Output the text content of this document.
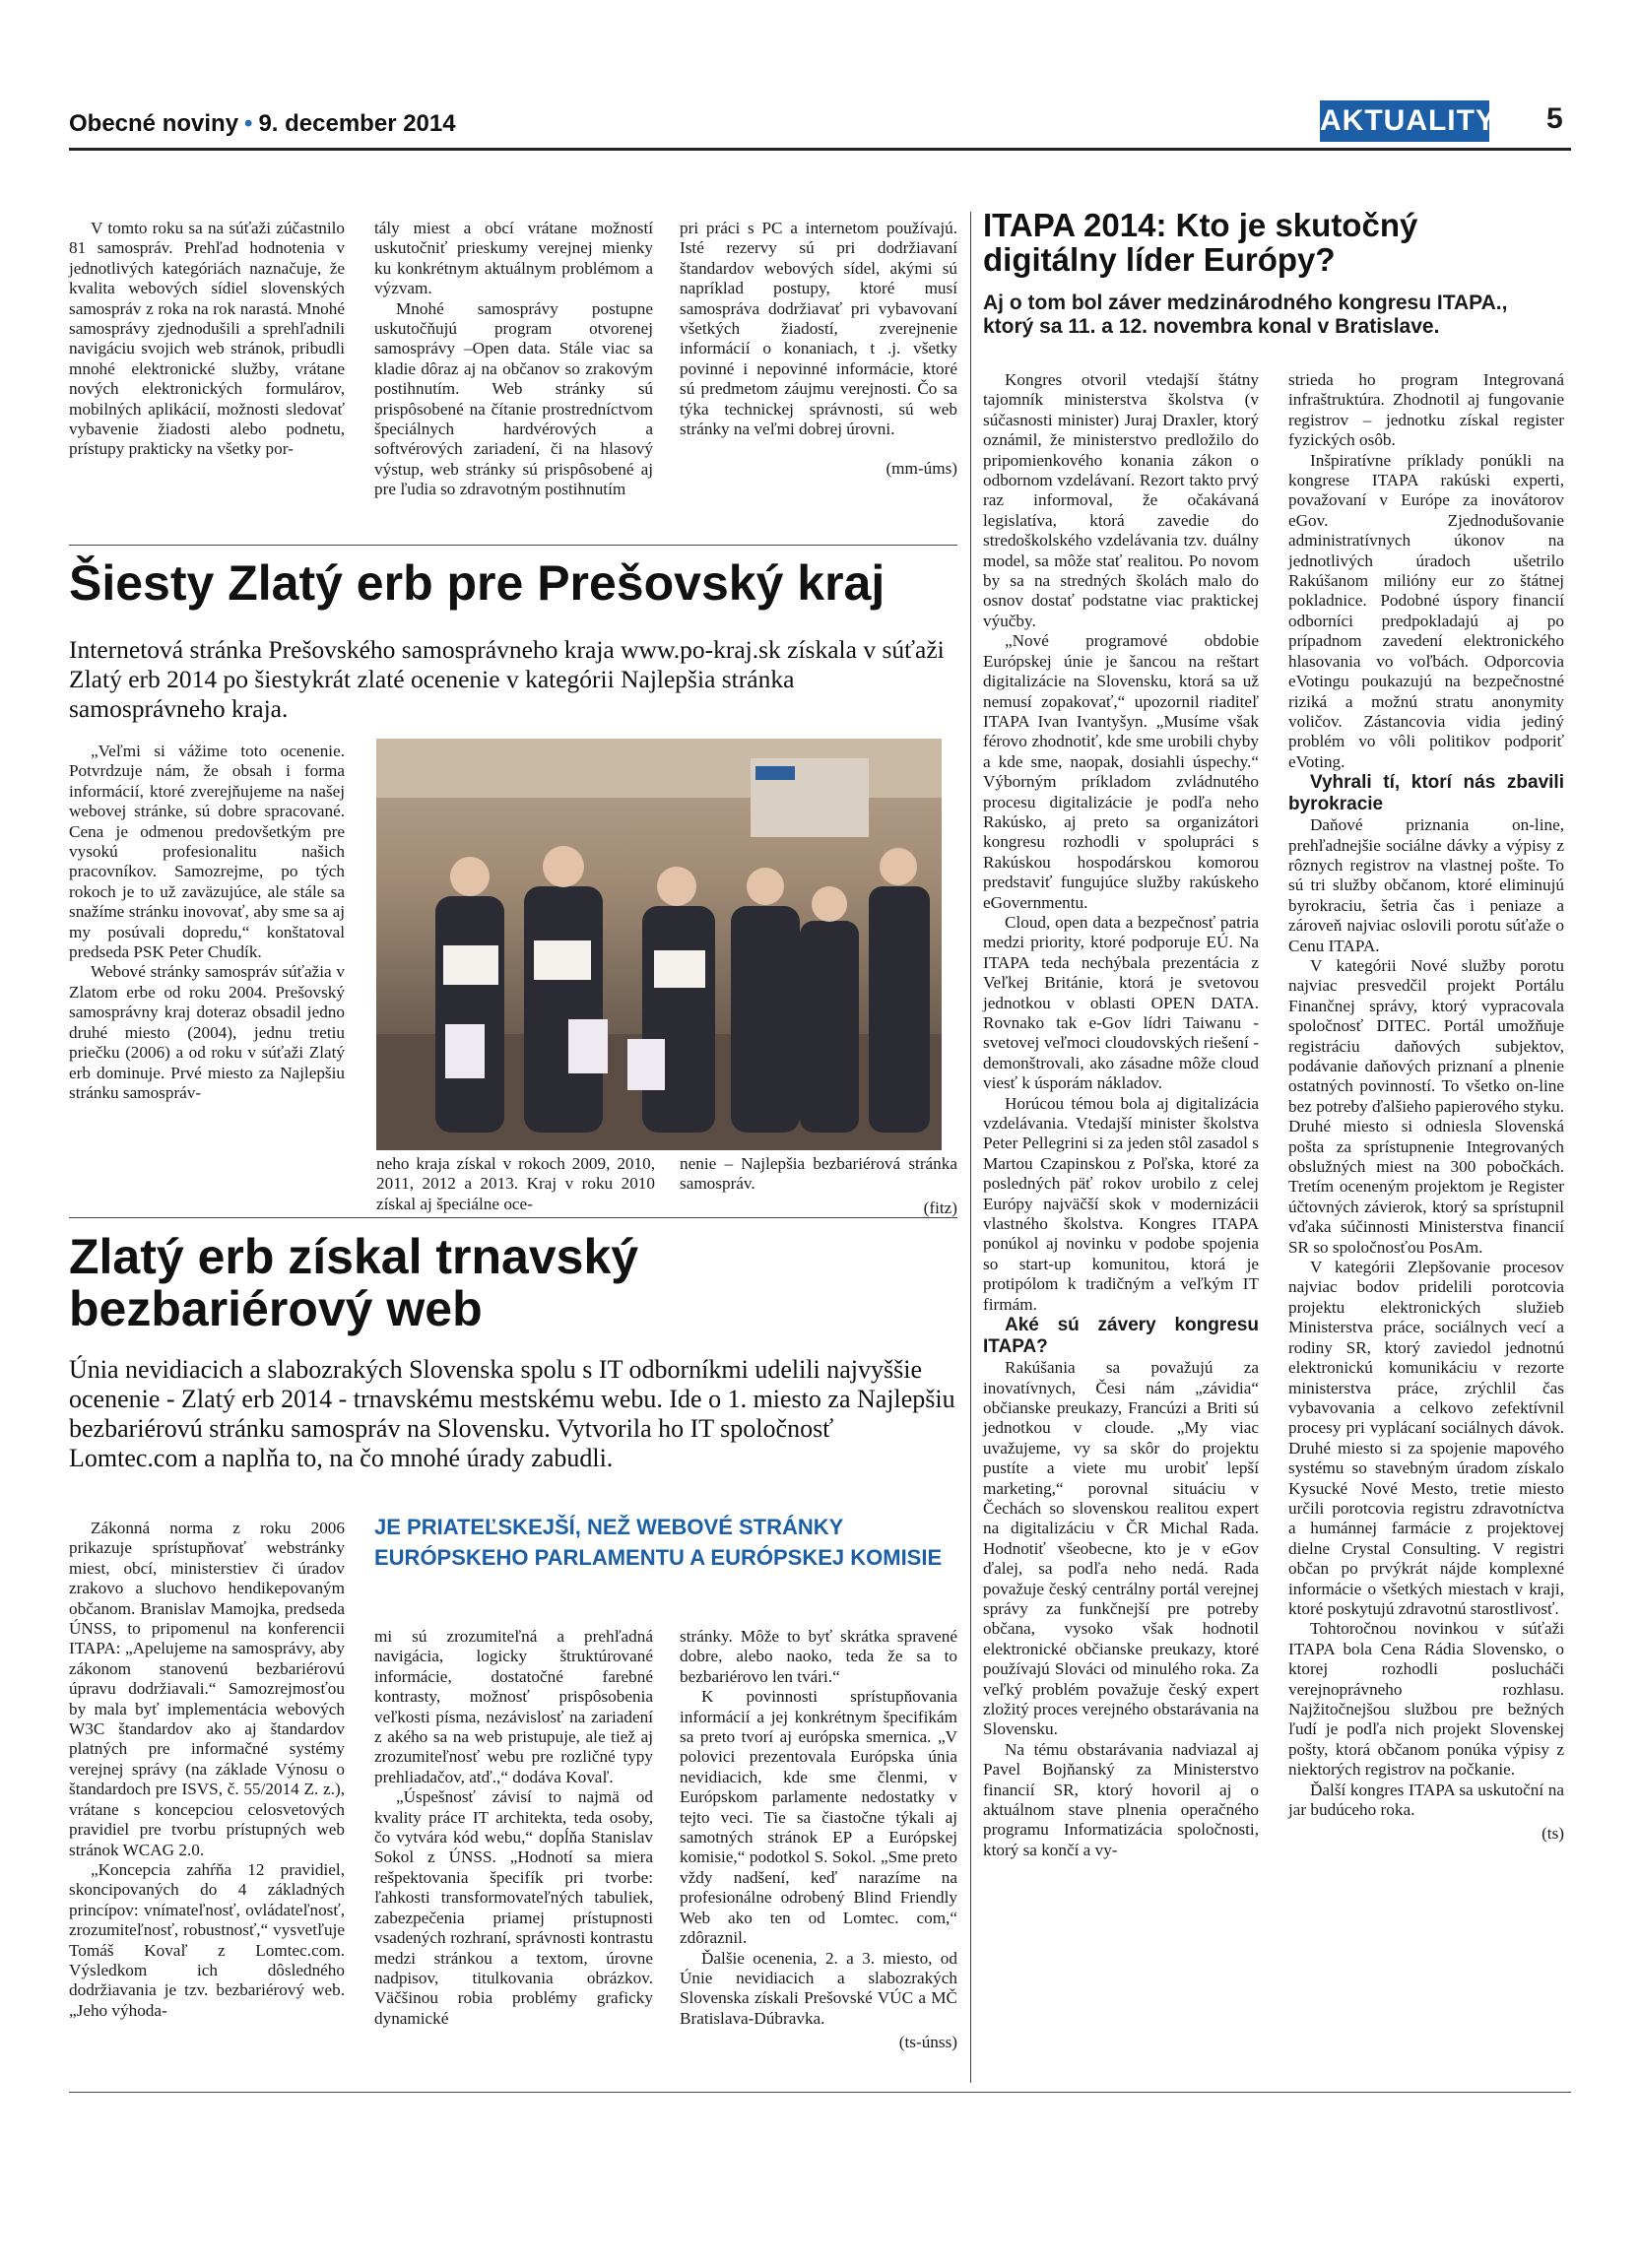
Obecné noviny • 9. december 2014	AKTUALITY 5

V tomto roku sa na súťaži zúčastnilo 81 samospráv. Prehľad hodnotenia v jednotlivých kategóriách naznačuje, že kvalita webových sídiel slovenských samospráv z roka na rok narastá. Mnohé samosprávy zjednodušili a sprehľadnili navigáciu svojich web stránok, pribudli mnohé elektronické služby, vrátane nových elektronických formulárov, mobilných aplikácií, možnosti sledovať vybavenie žiadosti alebo podnetu, prístupy prakticky na všetky por-

tály miest a obcí vrátane možností uskutočniť prieskumy verejnej mienky ku konkrétnym aktuálnym problémom a výzvam.

Mnohé samosprávy postupne uskutočňujú program otvorenej samosprávy –Open data. Stále viac sa kladie dôraz aj na občanov so zrakovým postihnutím. Web stránky sú prispôsobené na čítanie prostredníctvom špeciálnych hardvérových a softvérových zariadení, či na hlasový výstup, web stránky sú prispôsobené aj pre ľudia so zdravotným postihnutím

pri práci s PC a internetom používajú. Isté rezervy sú pri dodržiavaní štandardov webových sídel, akými sú napríklad postupy, ktoré musí samospráva dodržiavať pri vybavovaní všetkých žiadostí, zverejnenie informácií o konaniach, t .j. všetky povinné i nepovinné informácie, ktoré sú predmetom záujmu verejnosti. Čo sa týka technickej správnosti, sú web stránky na veľmi dobrej úrovni.

(mm-úms)

Šiesty Zlatý erb pre Prešovský kraj
Internetová stránka Prešovského samosprávneho kraja www.po-kraj.sk získala v súťaži Zlatý erb 2014 po šiestykrát zlaté ocenenie v kategórii Najlepšia stránka samosprávneho kraja.

„Veľmi si vážime toto ocenenie. Potvrdzuje nám, že obsah i forma informácií, ktoré zverejňujeme na našej webovej stránke, sú dobre spracované. Cena je odmenou predovšetkým pre vysokú profesionalitu našich pracovníkov. Samozrejme, po tých rokoch je to už zaväzujúce, ale stále sa snažíme stránku inovovať, aby sme sa aj my posúvali dopredu,“ konštatoval predseda PSK Peter Chudík.

Webové stránky samospráv súťažia v Zlatom erbe od roku 2004. Prešovský samosprávny kraj doteraz obsadil jedno druhé miesto (2004), jednu tretiu priečku (2006) a od roku v súťaži Zlatý erb dominuje. Prvé miesto za Najlepšiu stránku samospráv-

neho kraja získal v rokoch 2009, 2010, 2011, 2012 a 2013. Kraj v roku 2010 získal aj špeciálne oce-

nenie – Najlepšia bezbariérová stránka samospráv.

(fitz)

Zlatý erb získal trnavský bezbariérový web
Únia nevidiacich a slabozrakých Slovenska spolu s IT odborníkmi udelili najvyššie ocenenie - Zlatý erb 2014 - trnavskému mestskému webu. Ide o 1. miesto za Najlepšiu bezbariérovú stránku samospráv na Slovensku. Vytvorila ho IT spoločnosť Lomtec.com a naplňa to, na čo mnohé úrady zabudli.

Zákonná norma z roku 2006 prikazuje sprístupňovať webstránky miest, obcí, ministerstiev či úradov zrakovo a sluchovo hendikepovaným občanom. Branislav Mamojka, predseda ÚNSS, to pripomenul na konferencii ITAPA: „Apelujeme na samosprávy, aby zákonom stanovenú bezbariérovú úpravu dodržiavali.“ Samozrejmosťou by mala byť implementácia webových W3C štandardov ako aj štandardov platných pre informačné systémy verejnej správy (na základe Výnosu o štandardoch pre ISVS, č. 55/2014 Z. z.), vrátane s koncepciou celosvetových pravidiel pre tvorbu prístupných web stránok WCAG 2.0.

„Koncepcia zahŕňa 12 pravidiel, skoncipovaných do 4 základných princípov: vnímateľnosť, ovládateľnosť, zrozumiteľnosť, robustnosť,“ vysvetľuje Tomáš Kovaľ z Lomtec.com. Výsledkom ich dôsledného dodržiavania je tzv. bezbariérový web. „Jeho výhoda-

JE PRIATEĽSKEJŠÍ, NEŽ WEBOVÉ STRÁNKY EURÓPSKEHO PARLAMENTU A EURÓPSKEJ KOMISIE

mi sú zrozumiteľná a prehľadná navigácia, logicky štruktúrované informácie, dostatočné farebné kontrasty, možnosť prispôsobenia veľkosti písma, nezávislosť na zariadení z akého sa na web pristupuje, ale tiež aj zrozumiteľnosť webu pre rozličné typy prehliadačov, atď.,“ dodáva Kovaľ.

„Úspešnosť závisí to najmä od kvality práce IT architekta, teda osoby, čo vytvára kód webu,“ dopĺňa Stanislav Sokol z ÚNSS. „Hodnotí sa miera rešpektovania špecifík pri tvorbe: ľahkosti transformovateľných tabuliek, zabezpečenia priamej prístupnosti vsadených rozhraní, správnosti kontrastu medzi stránkou a textom, úrovne nadpisov, titulkovania obrázkov. Väčšinou robia problémy graficky dynamické

stránky. Môže to byť skrátka spravené dobre, alebo naoko, teda že sa to bezbariérovo len tvári.“

K povinnosti sprístupňovania informácií a jej konkrétnym špecifikám sa preto tvorí aj európska smernica. „V polovici prezentovala Európska únia nevidiacich, kde sme členmi, v Európskom parlamente nedostatky v tejto veci. Tie sa čiastočne týkali aj samotných stránok EP a Európskej komisie,“ podotkol S. Sokol. „Sme preto vždy nadšení, keď narazíme na profesionálne odrobený Blind Friendly Web ako ten od Lomtec. com,“ zdôraznil.

Ďalšie ocenenia, 2. a 3. miesto, od Únie nevidiacich a slabozrakých Slovenska získali Prešovské VÚC a MČ Bratislava-Dúbravka.

(ts-únss)

ITAPA 2014: Kto je skutočný digitálny líder Európy?
Aj o tom bol záver medzinárodného kongresu ITAPA., ktorý sa 11. a 12. novembra konal v Bratislave.

Kongres otvoril vtedajší štátny tajomník ministerstva školstva (v súčasnosti minister) Juraj Draxler, ktorý oznámil, že ministerstvo predložilo do pripomienkového konania zákon o odbornom vzdelávaní. Rezort takto prvý raz informoval, že očakávaná legislatíva, ktorá zavedie do stredoškolského vzdelávania tzv. duálny model, sa môže stať realitou. Po novom by sa na stredných školách malo do osnov dostať podstatne viac praktickej výučby.

„Nové programové obdobie Európskej únie je šancou na reštart digitalizácie na Slovensku, ktorá sa už nemusí zopakovať,“ upozornil riaditeľ ITAPA Ivan Ivantyšyn. „Musíme však férovo zhodnotiť, kde sme urobili chyby a kde sme, naopak, dosiahli úspechy.“ Výborným príkladom zvládnutého procesu digitalizácie je podľa neho Rakúsko, aj preto sa organizátori kongresu rozhodli v spolupráci s Rakúskou hospodárskou komorou predstaviť fungujúce služby rakúskeho eGovernmentu.

Cloud, open data a bezpečnosť patria medzi priority, ktoré podporuje EÚ. Na ITAPA teda nechýbala prezentácia z Veľkej Británie, ktorá je svetovou jednotkou v oblasti OPEN DATA. Rovnako tak e-Gov lídri Taiwanu - svetovej veľmoci cloudovských riešení - demonštrovali, ako zásadne môže cloud viesť k úsporám nákladov.

Horúcou témou bola aj digitalizácia vzdelávania. Vtedajší minister školstva Peter Pellegrini si za jeden stôl zasadol s Martou Czapinskou z Poľska, ktoré za posledných päť rokov urobilo z celej Európy najväčší skok v modernizácii vlastného školstva. Kongres ITAPA ponúkol aj novinku v podobe spojenia so start-up komunitou, ktorá je protipólom k tradičným a veľkým IT firmám.

Aké sú závery kongresu ITAPA?

Rakúšania sa považujú za inovatívnych, Česi nám „závidia“ občianske preukazy, Francúzi a Briti sú jednotkou v cloude. „My viac uvažujeme, vy sa skôr do projektu pustíte a viete mu urobiť lepší marketing,“ porovnal situáciu v Čechách so slovenskou realitou expert na digitalizáciu v ČR Michal Rada. Hodnotiť všeobecne, kto je v eGov ďalej, sa podľa neho nedá. Rada považuje český centrálny portál verejnej správy za funkčnejší pre potreby občana, vysoko však hodnotil elektronické občianske preukazy, ktoré používajú Slováci od minulého roka. Za veľký problém považuje český expert zložitý proces verejného obstarávania na Slovensku.

Na tému obstarávania nadviazal aj Pavel Bojňanský za Ministerstvo financií SR, ktorý hovoril aj o aktuálnom stave plnenia operačného programu Informatizácia spoločnosti, ktorý sa končí a vy-

strieda ho program Integrovaná infraštruktúra. Zhodnotil aj fungovanie registrov – jednotku získal register fyzických osôb.

Inšpiratívne príklady ponúkli na kongrese ITAPA rakúski experti, považovaní v Európe za inovátorov eGov. Zjednodušovanie administratívnych úkonov na jednotlivých úradoch ušetrilo Rakúšanom milióny eur zo štátnej pokladnice. Podobné úspory financií odborníci predpokladajú aj po prípadnom zavedení elektronického hlasovania vo voľbách. Odporcovia eVotingu poukazujú na bezpečnostné riziká a možnú stratu anonymity voličov. Zástancovia vidia jediný problém vo vôli politikov podporiť eVoting.

Vyhrali tí, ktorí nás zbavili byrokracie

Daňové priznania on-line, prehľadnejšie sociálne dávky a výpisy z rôznych registrov na vlastnej pošte. To sú tri služby občanom, ktoré eliminujú byrokraciu, šetria čas i peniaze a zároveň najviac oslovili porotu súťaže o Cenu ITAPA.

V kategórii Nové služby porotu najviac presvedčil projekt Portálu Finančnej správy, ktorý vypracovala spoločnosť DITEC. Portál umožňuje registráciu daňových subjektov, podávanie daňových priznaní a plnenie ostatných povinností. To všetko on-line bez potreby ďalšieho papierového styku. Druhé miesto si odniesla Slovenská pošta za sprístupnenie Integrovaných obslužných miest na 300 pobočkách. Tretím oceneným projektom je Register účtovných závierok, ktorý sa sprístupnil vďaka súčinnosti Ministerstva financií SR so spoločnosťou PosAm.

V kategórii Zlepšovanie procesov najviac bodov pridelili porotcovia projektu elektronických služieb Ministerstva práce, sociálnych vecí a rodiny SR, ktorý zaviedol jednotnú elektronickú komunikáciu v rezorte ministerstva práce, zrýchlil čas vybavovania a celkovo zefektívnil procesy pri vyplácaní sociálnych dávok. Druhé miesto si za spojenie mapového systému so stavebným úradom získalo Kysucké Nové Mesto, tretie miesto určili porotcovia registru zdravotníctva a humánnej farmácie z projektovej dielne Crystal Consulting. V registri občan po prvýkrát nájde komplexné informácie o všetkých miestach v kraji, ktoré poskytujú zdravotnú starostlivosť.

Tohtoročnou novinkou v súťaži ITAPA bola Cena Rádia Slovensko, o ktorej rozhodli poslucháči verejnoprávneho rozhlasu. Najžitočnejšou službou pre bežných ľudí je podľa nich projekt Slovenskej pošty, ktorá občanom ponúka výpisy z niektorých registrov na počkanie.

Ďalší kongres ITAPA sa uskutoční na jar budúceho roka.

(ts)
